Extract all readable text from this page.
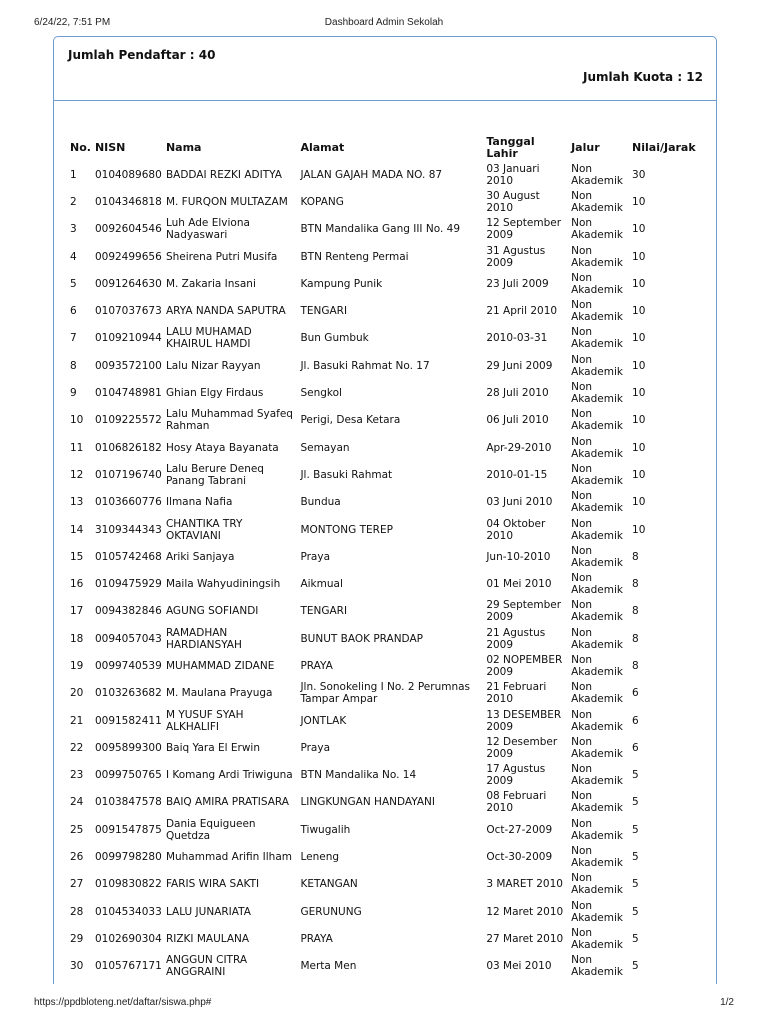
6/24/22, 7:51 PM	Dashboard Admin Sekolah
Jumlah Pendaftar : 40
Jumlah Kuota : 12
No.	NISN	Nama	Alamat	Tanggal Lahir	Jalur	Nilai/Jarak
1	0104089680	BADDAI REZKI ADITYA	JALAN GAJAH MADA NO. 87	03 Januari 2010	Non Akademik	30
2	0104346818	M. FURQON MULTAZAM	KOPANG	30 August 2010	Non Akademik	10
3	0092604546	Luh Ade Elviona Nadyaswari	BTN Mandalika Gang III No. 49	12 September 2009	Non Akademik	10
4	0092499656	Sheirena Putri Musifa	BTN Renteng Permai	31 Agustus 2009	Non Akademik	10
5	0091264630	M. Zakaria Insani	Kampung Punik	23 Juli 2009	Non Akademik	10
6	0107037673	ARYA NANDA SAPUTRA	TENGARI	21 April 2010	Non Akademik	10
7	0109210944	LALU MUHAMAD KHAIRUL HAMDI	Bun Gumbuk	2010-03-31	Non Akademik	10
8	0093572100	Lalu Nizar Rayyan	Jl. Basuki Rahmat No. 17	29 Juni 2009	Non Akademik	10
9	0104748981	Ghian Elgy Firdaus	Sengkol	28 Juli 2010	Non Akademik	10
10	0109225572	Lalu Muhammad Syafeq Rahman	Perigi, Desa Ketara	06 Juli 2010	Non Akademik	10
11	0106826182	Hosy Ataya Bayanata	Semayan	Apr-29-2010	Non Akademik	10
12	0107196740	Lalu Berure Deneq Panang Tabrani	Jl. Basuki Rahmat	2010-01-15	Non Akademik	10
13	0103660776	Ilmana Nafia	Bundua	03 Juni 2010	Non Akademik	10
14	3109344343	CHANTIKA TRY OKTAVIANI	MONTONG TEREP	04 Oktober 2010	Non Akademik	10
15	0105742468	Ariki Sanjaya	Praya	Jun-10-2010	Non Akademik	8
16	0109475929	Maila Wahyudiningsih	Aikmual	01 Mei 2010	Non Akademik	8
17	0094382846	AGUNG SOFIANDI	TENGARI	29 September 2009	Non Akademik	8
18	0094057043	RAMADHAN HARDIANSYAH	BUNUT BAOK PRANDAP	21 Agustus 2009	Non Akademik	8
19	0099740539	MUHAMMAD ZIDANE	PRAYA	02 NOPEMBER 2009	Non Akademik	8
20	0103263682	M. Maulana Prayuga	Jln. Sonokeling I No. 2 Perumnas Tampar Ampar	21 Februari 2010	Non Akademik	6
21	0091582411	M YUSUF SYAH ALKHALIFI	JONTLAK	13 DESEMBER 2009	Non Akademik	6
22	0095899300	Baiq Yara El Erwin	Praya	12 Desember 2009	Non Akademik	6
23	0099750765	I Komang Ardi Triwiguna	BTN Mandalika No. 14	17 Agustus 2009	Non Akademik	5
24	0103847578	BAIQ AMIRA PRATISARA	LINGKUNGAN HANDAYANI	08 Februari 2010	Non Akademik	5
25	0091547875	Dania Equigueen Quetdza	Tiwugalih	Oct-27-2009	Non Akademik	5
26	0099798280	Muhammad Arifin Ilham	Leneng	Oct-30-2009	Non Akademik	5
27	0109830822	FARIS WIRA SAKTI	KETANGAN	3 MARET 2010	Non Akademik	5
28	0104534033	LALU JUNARIATA	GERUNUNG	12 Maret 2010	Non Akademik	5
29	0102690304	RIZKI MAULANA	PRAYA	27 Maret 2010	Non Akademik	5
30	0105767171	ANGGUN CITRA ANGGRAINI	Merta Men	03 Mei 2010	Non Akademik	5
https://ppdbloteng.net/daftar/siswa.php#	1/2
